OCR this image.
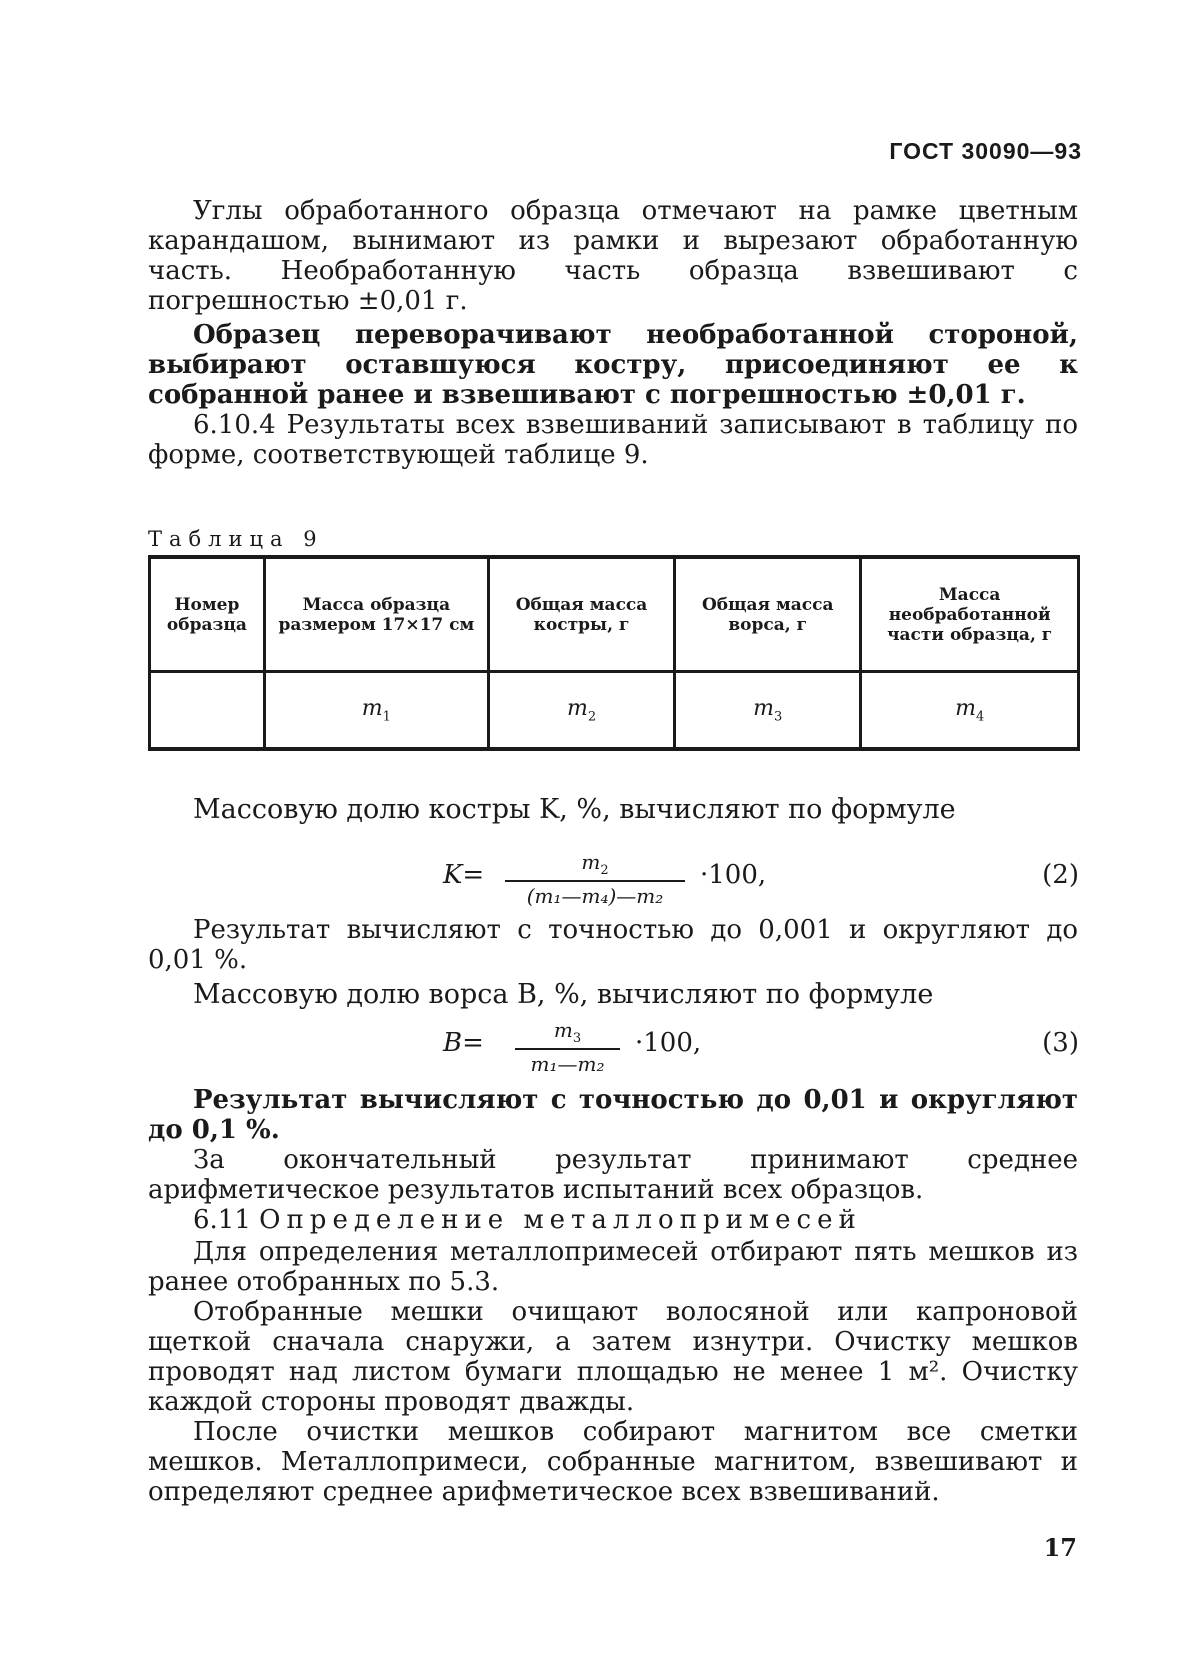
ГОСТ 30090—93

Углы обработанного образца отмечают на рамке цветным карандашом, вынимают из рамки и вырезают обработанную часть. Необработанную часть образца взвешивают с погрешностью ±0,01 г.

Образец переворачивают необработанной стороной, выбирают оставшуюся костру, присоединяют ее к собранной ранее и взвешивают с погрешностью ±0,01 г.

6.10.4 Результаты всех взвешиваний записывают в таблицу по форме, соответствующей таблице 9.

Таблица 9
Номер образца	Масса образца размером 17×17 см	Общая масса костры, г	Общая масса ворса, г	Масса необработанной части образца, г
	$m_1$	$m_2$	$m_3$	$m_4$

Массовую долю костры K, %, вычисляют по формуле

$K= \frac{m_2}{\text{(m₁—m₄)—m₂}} \cdot 100$,	(2)

Результат вычисляют с точностью до 0,001 и округляют до 0,01 %.

Массовую долю ворса B, %, вычисляют по формуле

$B= \frac{m_3}{\text{m₁—m₂}} \cdot 100$,	(3)

Результат вычисляют с точностью до 0,01 и округляют до 0,1 %.

За окончательный результат принимают среднее арифметическое результатов испытаний всех образцов.

6.11 Определение металлопримесей

Для определения металлопримесей отбирают пять мешков из ранее отобранных по 5.3.

Отобранные мешки очищают волосяной или капроновой щеткой сначала снаружи, а затем изнутри. Очистку мешков проводят над листом бумаги площадью не менее 1 м². Очистку каждой стороны проводят дважды.

После очистки мешков собирают магнитом все сметки мешков. Металлопримеси, собранные магнитом, взвешивают и определяют среднее арифметическое всех взвешиваний.

17
